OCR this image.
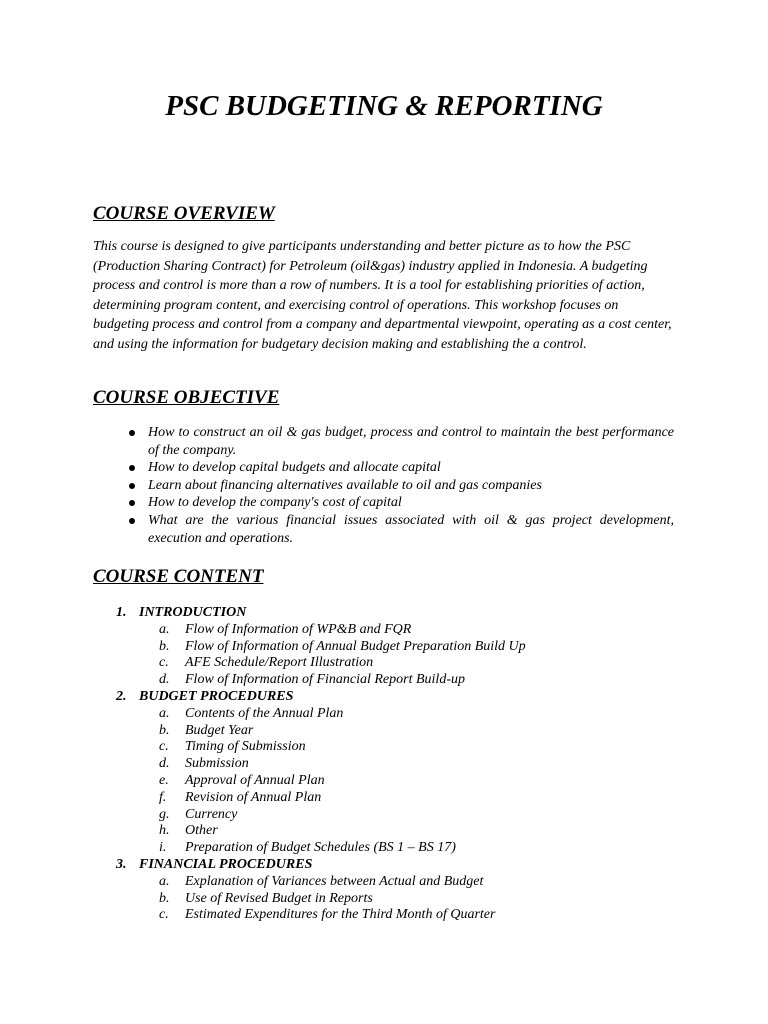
PSC BUDGETING & REPORTING
COURSE OVERVIEW

This course is designed to give participants understanding and better picture as to how the PSC (Production Sharing Contract) for Petroleum (oil&gas) industry applied in Indonesia. A budgeting process and control is more than a row of numbers. It is a tool for establishing priorities of action, determining program content, and exercising control of operations. This workshop focuses on budgeting process and control from a company and departmental viewpoint, operating as a cost center, and using the information for budgetary decision making and establishing the a control.

COURSE OBJECTIVE
How to construct an oil & gas budget, process and control to maintain the best performance of the company.
How to develop capital budgets and allocate capital
Learn about financing alternatives available to oil and gas companies
How to develop the company's cost of capital
What are the various financial issues associated with oil & gas project development, execution and operations.
COURSE CONTENT
1. INTRODUCTION
a.	Flow of Information of WP&B and FQR
b.	Flow of Information of Annual Budget Preparation Build Up
c.	AFE Schedule/Report Illustration
d.	Flow of Information of Financial Report Build-up
2. BUDGET PROCEDURES
a.	Contents of the Annual Plan
b.	Budget Year
c.	Timing of Submission
d.	Submission
e.	Approval of Annual Plan
f.	Revision of Annual Plan
g.	Currency
h.	Other
i.	Preparation of Budget Schedules (BS 1 – BS 17)
3. FINANCIAL PROCEDURES
a.	Explanation of Variances between Actual and Budget
b.	Use of Revised Budget in Reports
c.	Estimated Expenditures for the Third Month of Quarter
